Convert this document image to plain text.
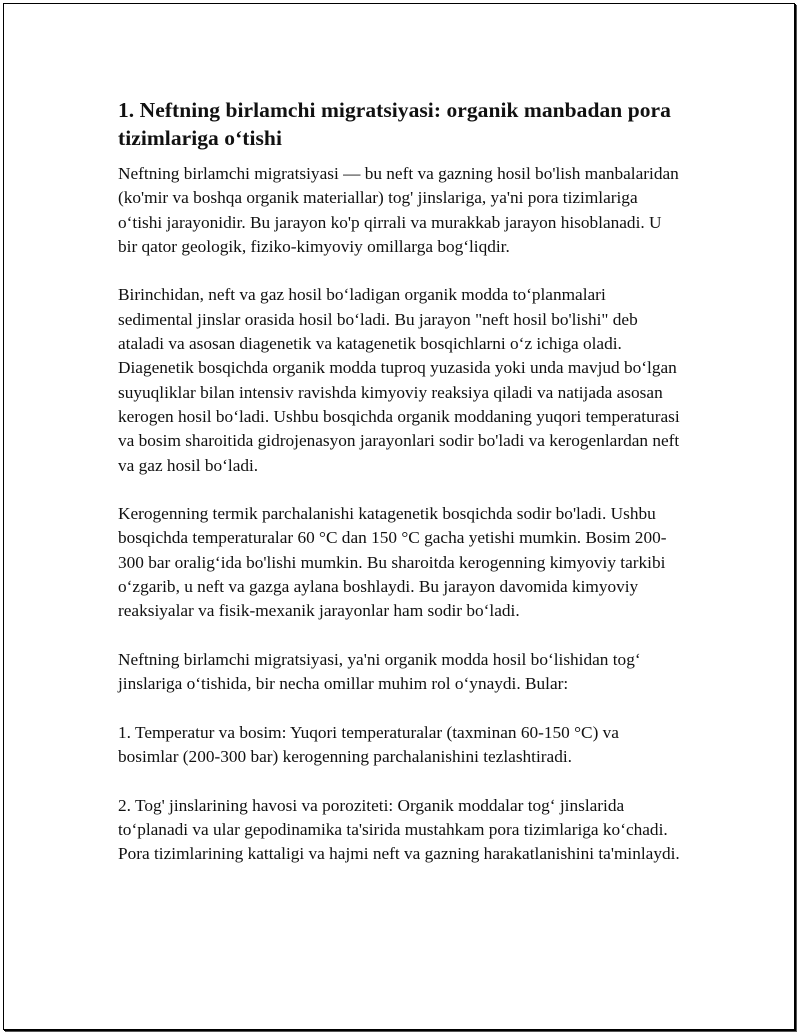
1. Neftning birlamchi migratsiyasi: organik manbadan pora tizimlariga o‘tishi

Neftning birlamchi migratsiyasi — bu neft va gazning hosil bo'lish manbalaridan (ko'mir va boshqa organik materiallar) tog' jinslariga, ya'ni pora tizimlariga o‘tishi jarayonidir. Bu jarayon ko'p qirrali va murakkab jarayon hisoblanadi. U bir qator geologik, fiziko-kimyoviy omillarga bog‘liqdir.

Birinchidan, neft va gaz hosil bo‘ladigan organik modda to‘planmalari sedimental jinslar orasida hosil bo‘ladi. Bu jarayon "neft hosil bo'lishi" deb ataladi va asosan diagenetik va katagenetik bosqichlarni o‘z ichiga oladi. Diagenetik bosqichda organik modda tuproq yuzasida yoki unda mavjud bo‘lgan suyuqliklar bilan intensiv ravishda kimyoviy reaksiya qiladi va natijada asosan kerogen hosil bo‘ladi. Ushbu bosqichda organik moddaning yuqori temperaturasi va bosim sharoitida gidrojenasyon jarayonlari sodir bo'ladi va kerogenlardan neft va gaz hosil bo‘ladi.

Kerogenning termik parchalanishi katagenetik bosqichda sodir bo'ladi. Ushbu bosqichda temperaturalar 60 °C dan 150 °C gacha yetishi mumkin. Bosim 200-300 bar oralig‘ida bo'lishi mumkin. Bu sharoitda kerogenning kimyoviy tarkibi o‘zgarib, u neft va gazga aylana boshlaydi. Bu jarayon davomida kimyoviy reaksiyalar va fisik-mexanik jarayonlar ham sodir bo‘ladi.

Neftning birlamchi migratsiyasi, ya'ni organik modda hosil bo‘lishidan tog‘ jinslariga o‘tishida, bir necha omillar muhim rol o‘ynaydi. Bular:

1. Temperatur va bosim: Yuqori temperaturalar (taxminan 60-150 °C) va bosimlar (200-300 bar) kerogenning parchalanishini tezlashtiradi.

2. Tog' jinslarining havosi va poroziteti: Organik moddalar tog‘ jinslarida to‘planadi va ular gepodinamika ta'sirida mustahkam pora tizimlariga ko‘chadi. Pora tizimlarining kattaligi va hajmi neft va gazning harakatlanishini ta'minlaydi.
